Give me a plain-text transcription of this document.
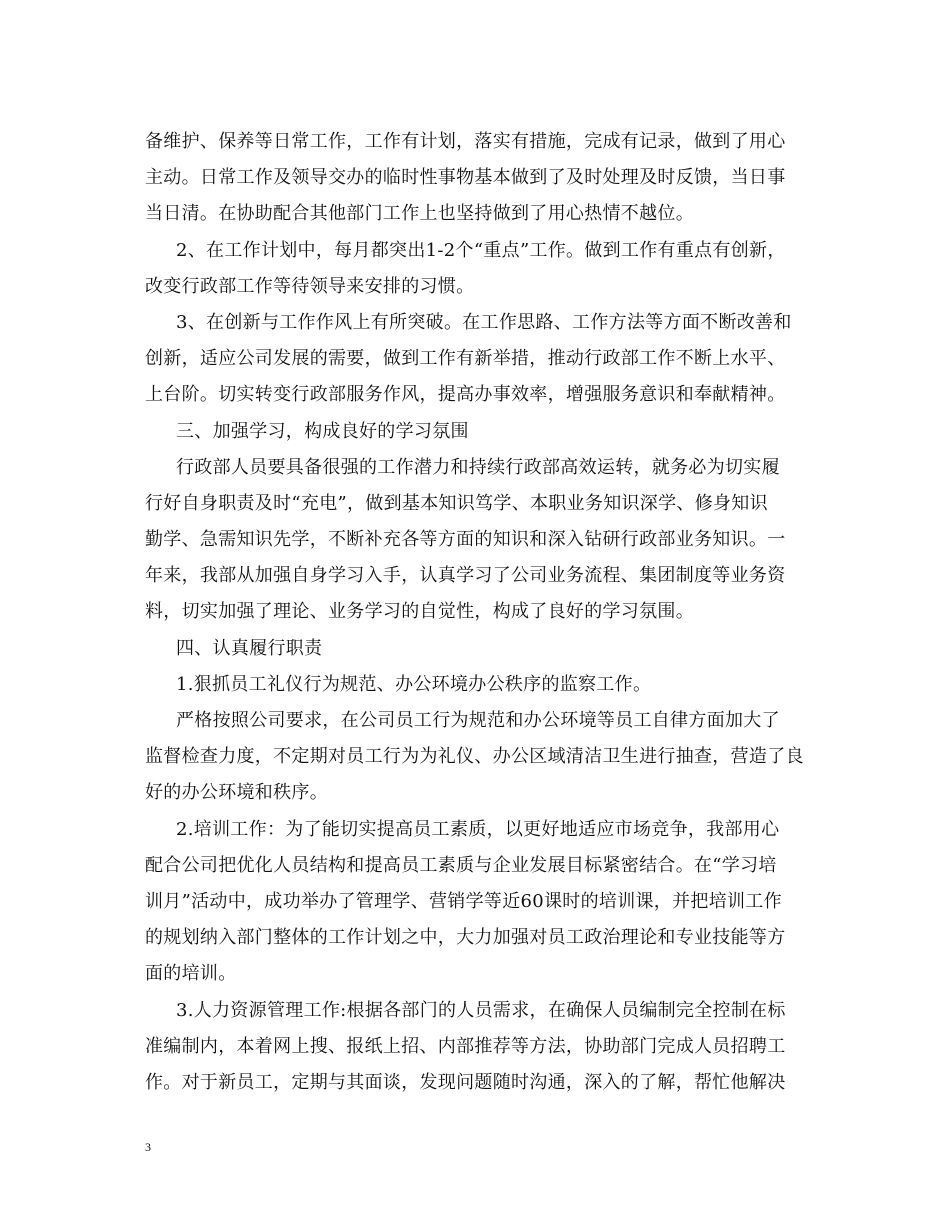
备维护、保养等日常工作，工作有计划，落实有措施，完成有记录，做到了用心
主动。日常工作及领导交办的临时性事物基本做到了及时处理及时反馈，当日事
当日清。在协助配合其他部门工作上也坚持做到了用心热情不越位。
2、在工作计划中，每月都突出1-2个“重点”工作。做到工作有重点有创新，
改变行政部工作等待领导来安排的习惯。
3、在创新与工作作风上有所突破。在工作思路、工作方法等方面不断改善和
创新，适应公司发展的需要，做到工作有新举措，推动行政部工作不断上水平、
上台阶。切实转变行政部服务作风，提高办事效率，增强服务意识和奉献精神。
三、加强学习，构成良好的学习氛围
行政部人员要具备很强的工作潜力和持续行政部高效运转，就务必为切实履
行好自身职责及时“充电”，做到基本知识笃学、本职业务知识深学、修身知识
勤学、急需知识先学，不断补充各等方面的知识和深入钻研行政部业务知识。一
年来，我部从加强自身学习入手，认真学习了公司业务流程、集团制度等业务资
料，切实加强了理论、业务学习的自觉性，构成了良好的学习氛围。
四、认真履行职责
1.狠抓员工礼仪行为规范、办公环境办公秩序的监察工作。
严格按照公司要求，在公司员工行为规范和办公环境等员工自律方面加大了
监督检查力度，不定期对员工行为为礼仪、办公区域清洁卫生进行抽查，营造了良
好的办公环境和秩序。
2.培训工作：为了能切实提高员工素质，以更好地适应市场竞争，我部用心
配合公司把优化人员结构和提高员工素质与企业发展目标紧密结合。在“学习培
训月”活动中，成功举办了管理学、营销学等近60课时的培训课，并把培训工作
的规划纳入部门整体的工作计划之中，大力加强对员工政治理论和专业技能等方
面的培训。
3.人力资源管理工作:根据各部门的人员需求，在确保人员编制完全控制在标
准编制内，本着网上搜、报纸上招、内部推荐等方法，协助部门完成人员招聘工
作。对于新员工，定期与其面谈，发现问题随时沟通，深入的了解，帮忙他解决
3
